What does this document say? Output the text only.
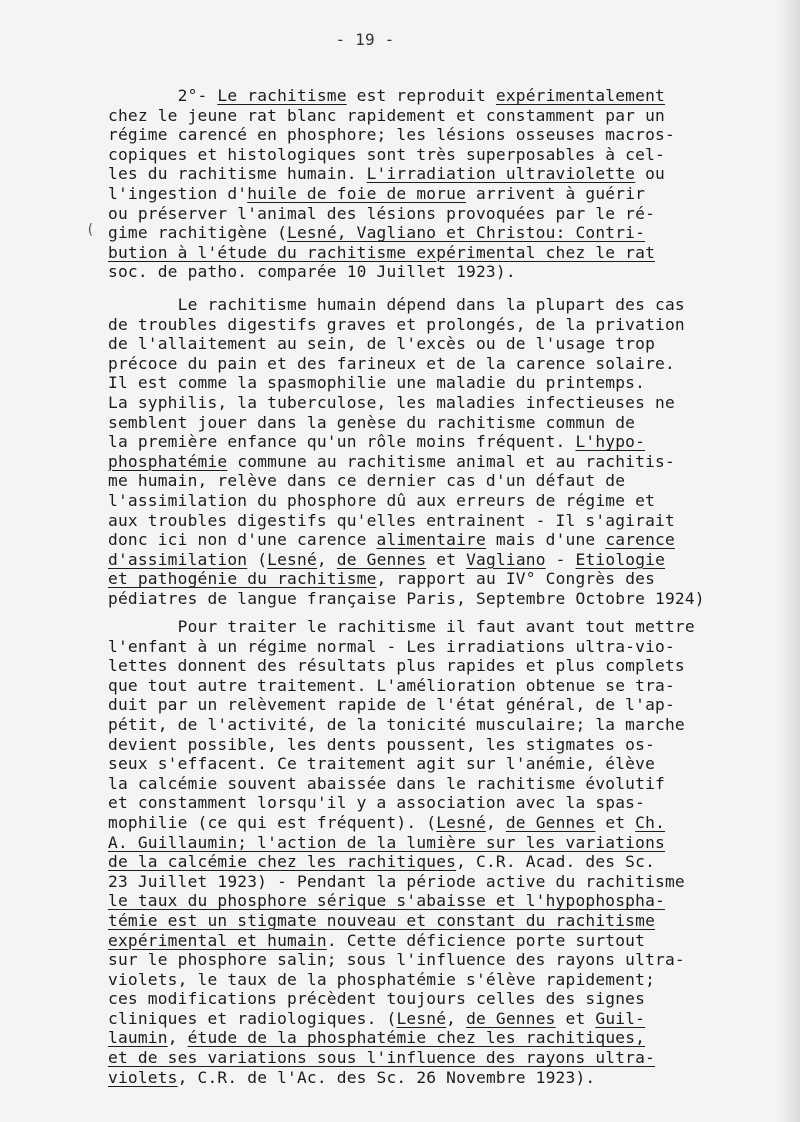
- 19 -
(
2°- Le rachitisme est reproduit expérimentalement
chez le jeune rat blanc rapidement et constamment par un
régime carencé en phosphore; les lésions osseuses macros-
copiques et histologiques sont très superposables à cel-
les du rachitisme humain. L'irradiation ultraviolette ou
l'ingestion d'huile de foie de morue arrivent à guérir
ou préserver l'animal des lésions provoquées par le ré-
gime rachitigène (Lesné, Vagliano et Christou: Contri-
bution à l'étude du rachitisme expérimental chez le rat
soc. de patho. comparée 10 Juillet 1923).
Le rachitisme humain dépend dans la plupart des cas
de troubles digestifs graves et prolongés, de la privation
de l'allaitement au sein, de l'excès ou de l'usage trop
précoce du pain et des farineux et de la carence solaire.
Il est comme la spasmophilie une maladie du printemps.
La syphilis, la tuberculose, les maladies infectieuses ne
semblent jouer dans la genèse du rachitisme commun de
la première enfance qu'un rôle moins fréquent. L'hypo-
phosphatémie commune au rachitisme animal et au rachitis-
me humain, relève dans ce dernier cas d'un défaut de
l'assimilation du phosphore dû aux erreurs de régime et
aux troubles digestifs qu'elles entrainent - Il s'agirait
donc ici non d'une carence alimentaire mais d'une carence
d'assimilation (Lesné, de Gennes et Vagliano - Etiologie
et pathogénie du rachitisme, rapport au IV° Congrès des
pédiatres de langue française Paris, Septembre Octobre 1924)
Pour traiter le rachitisme il faut avant tout mettre
l'enfant à un régime normal - Les irradiations ultra-vio-
lettes donnent des résultats plus rapides et plus complets
que tout autre traitement. L'amélioration obtenue se tra-
duit par un relèvement rapide de l'état général, de l'ap-
pétit, de l'activité, de la tonicité musculaire; la marche
devient possible, les dents poussent, les stigmates os-
seux s'effacent. Ce traitement agit sur l'anémie, élève
la calcémie souvent abaissée dans le rachitisme évolutif
et constamment lorsqu'il y a association avec la spas-
mophilie (ce qui est fréquent). (Lesné, de Gennes et Ch.
A. Guillaumin; l'action de la lumière sur les variations
de la calcémie chez les rachitiques, C.R. Acad. des Sc.
23 Juillet 1923) - Pendant la période active du rachitisme
le taux du phosphore sérique s'abaisse et l'hypophospha-
témie est un stigmate nouveau et constant du rachitisme
expérimental et humain. Cette déficience porte surtout
sur le phosphore salin; sous l'influence des rayons ultra-
violets, le taux de la phosphatémie s'élève rapidement;
ces modifications précèdent toujours celles des signes
cliniques et radiologiques. (Lesné, de Gennes et Guil-
laumin, étude de la phosphatémie chez les rachitiques,
et de ses variations sous l'influence des rayons ultra-
violets, C.R. de l'Ac. des Sc. 26 Novembre 1923).
